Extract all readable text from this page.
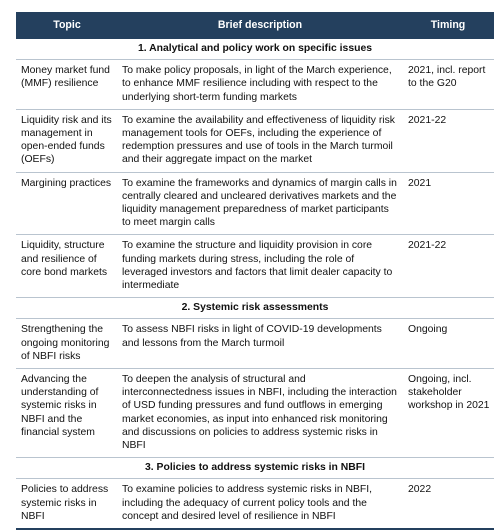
Topic	Brief description	Timing
1. Analytical and policy work on specific issues		
Money market fund (MMF) resilience	To make policy proposals, in light of the March experience, to enhance MMF resilience including with respect to the underlying short-term funding markets	2021, incl. report to the G20
Liquidity risk and its management in open-ended funds (OEFs)	To examine the availability and effectiveness of liquidity risk management tools for OEFs, including the experience of redemption pressures and use of tools in the March turmoil and their aggregate impact on the market	2021-22
Margining practices	To examine the frameworks and dynamics of margin calls in centrally cleared and uncleared derivatives markets and the liquidity management preparedness of market participants to meet margin calls	2021
Liquidity, structure and resilience of core bond markets	To examine the structure and liquidity provision in core funding markets during stress, including the role of leveraged investors and factors that limit dealer capacity to intermediate	2021-22
2. Systemic risk assessments		
Strengthening the ongoing monitoring of NBFI risks	To assess NBFI risks in light of COVID-19 developments and lessons from the March turmoil	Ongoing
Advancing the understanding of systemic risks in NBFI and the financial system	To deepen the analysis of structural and interconnectedness issues in NBFI, including the interaction of USD funding pressures and fund outflows in emerging market economies, as input into enhanced risk monitoring and discussions on policies to address systemic risks in NBFI	Ongoing, incl. stakeholder workshop in 2021
3. Policies to address systemic risks in NBFI		
Policies to address systemic risks in NBFI	To examine policies to address systemic risks in NBFI, including the adequacy of current policy tools and the concept and desired level of resilience in NBFI	2022
